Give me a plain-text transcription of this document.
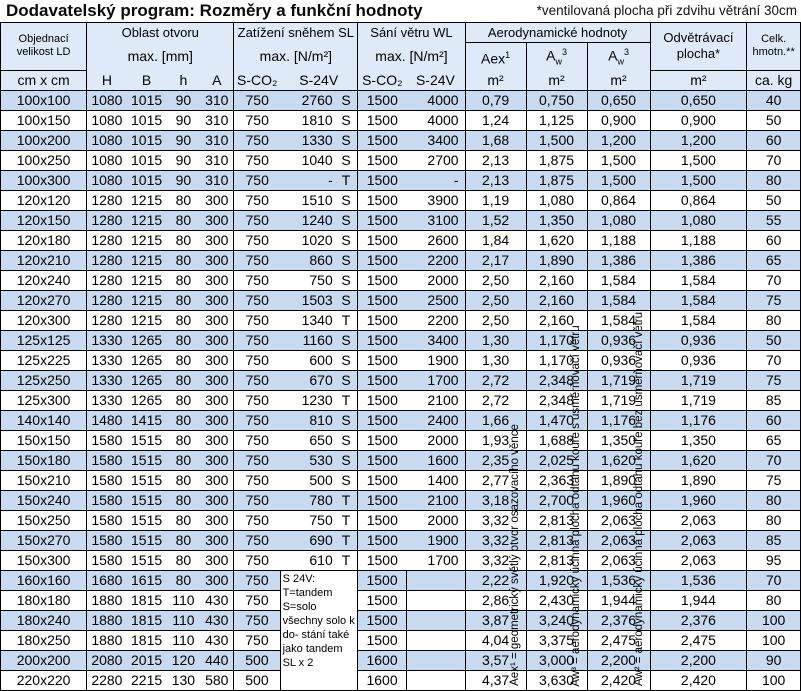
Dodavatelský program: Rozměry a funkční hodnoty	*ventilovaná plocha při zdvihu větrání 30cm
Objednací velikost LD	Oblast otvoru				Zatížení sněhem SL			Sání větru WL		Aerodynamické hodnoty			Odvětrávací plocha*	Celk. hmotn.**
	max. [mm]				max. [N/m²]			max. [N/m²]		Aex$^1$	$A_w^3$	$A_w^3$
cm x cm	H	B	h	A	S-CO₂	S-24V		S-CO₂	S-24V	m²	m²	m²	m²	ca. kg
100x100	1080	1015	90	310	750	2760	S	1500	4000	0,79	0,750	0,650	0,650	40
100x150	1080	1015	90	310	750	1810	S	1500	4000	1,24	1,125	0,900	0,900	50
100x200	1080	1015	90	310	750	1330	S	1500	3400	1,68	1,500	1,200	1,200	60
100x250	1080	1015	90	310	750	1040	S	1500	2700	2,13	1,875	1,500	1,500	70
100x300	1080	1015	90	310	750	-	T	1500	-	2,13	1,875	1,500	1,500	80
120x120	1280	1215	80	300	750	1510	S	1500	3900	1,19	1,080	0,864	0,864	50
120x150	1280	1215	80	300	750	1240	S	1500	3100	1,52	1,350	1,080	1,080	55
120x180	1280	1215	80	300	750	1020	S	1500	2600	1,84	1,620	1,188	1,188	60
120x210	1280	1215	80	300	750	860	S	1500	2200	2,17	1,890	1,386	1,386	65
120x240	1280	1215	80	300	750	750	S	1500	2000	2,50	2,160	1,584	1,584	70
120x270	1280	1215	80	300	750	1503	S	1500	2500	2,50	2,160	1,584	1,584	75
120x300	1280	1215	80	300	750	1340	T	1500	2200	2,50	2,160	1,584	1,584	80
125x125	1330	1265	80	300	750	1160	S	1500	3400	1,30	1,170	0,936	0,936	50
125x225	1330	1265	80	300	750	600	S	1500	1900	1,30	1,170	0,936	0,936	70
125x250	1330	1265	80	300	750	670	S	1500	1700	2,72	2,348	1,719	1,719	75
125x300	1330	1265	80	300	750	1230	T	1500	2100	2,72	2,348	1,719	1,719	85
140x140	1480	1415	80	300	750	810	S	1500	2400	1,66	1,470	1,176	1,176	60
150x150	1580	1515	80	300	750	650	S	1500	2000	1,93	1,688	1,350	1,350	65
150x180	1580	1515	80	300	750	530	S	1500	1600	2,35	2,025	1,620	1,620	70
150x210	1580	1515	80	300	750	500	S	1500	1400	2,77	2,363	1,890	1,890	75
150x240	1580	1515	80	300	750	780	T	1500	2100	3,18	2,700	1,960	1,960	80
150x250	1580	1515	80	300	750	750	T	1500	2000	3,32	2,813	2,063	2,063	80
150x270	1580	1515	80	300	750	690	T	1500	1900	3,32	2,813	2,063	2,063	85
150x300	1580	1515	80	300	750	610	T	1500	1700	3,32	2,813	2,063	2,063	95
160x160	1680	1615	80	300	750	S 24V: T=tandem S=solo všechny solo k do- stání také jako tandem SL x 2		1500		2,22	1,920	1,536	1,536	70
180x180	1880	1815	110	430	750			1500		2,86	2,430	1,944	1,944	80
180x240	1880	1815	110	430	750			1500		3,87	3,240	2,376	2,376	100
180x250	1880	1815	110	430	750			1500		4,04	3,375	2,475	2,475	100
200x200	2080	2015	120	440	500			1600		3,57	3,000	2,200	2,200	90
220x220	2280	2215	130	580	500			1600		4,37	3,630	2,420	2,420	100
Aex¹ = geometrický světlý otvor osazovacího věnce	Aw³ = aerodynamicky účinná plocha odtahu kouře s usměrňovačí větru	Aw² = aerodynamicky účinná plocha odtahu kouře bez usměrňovačí větru
